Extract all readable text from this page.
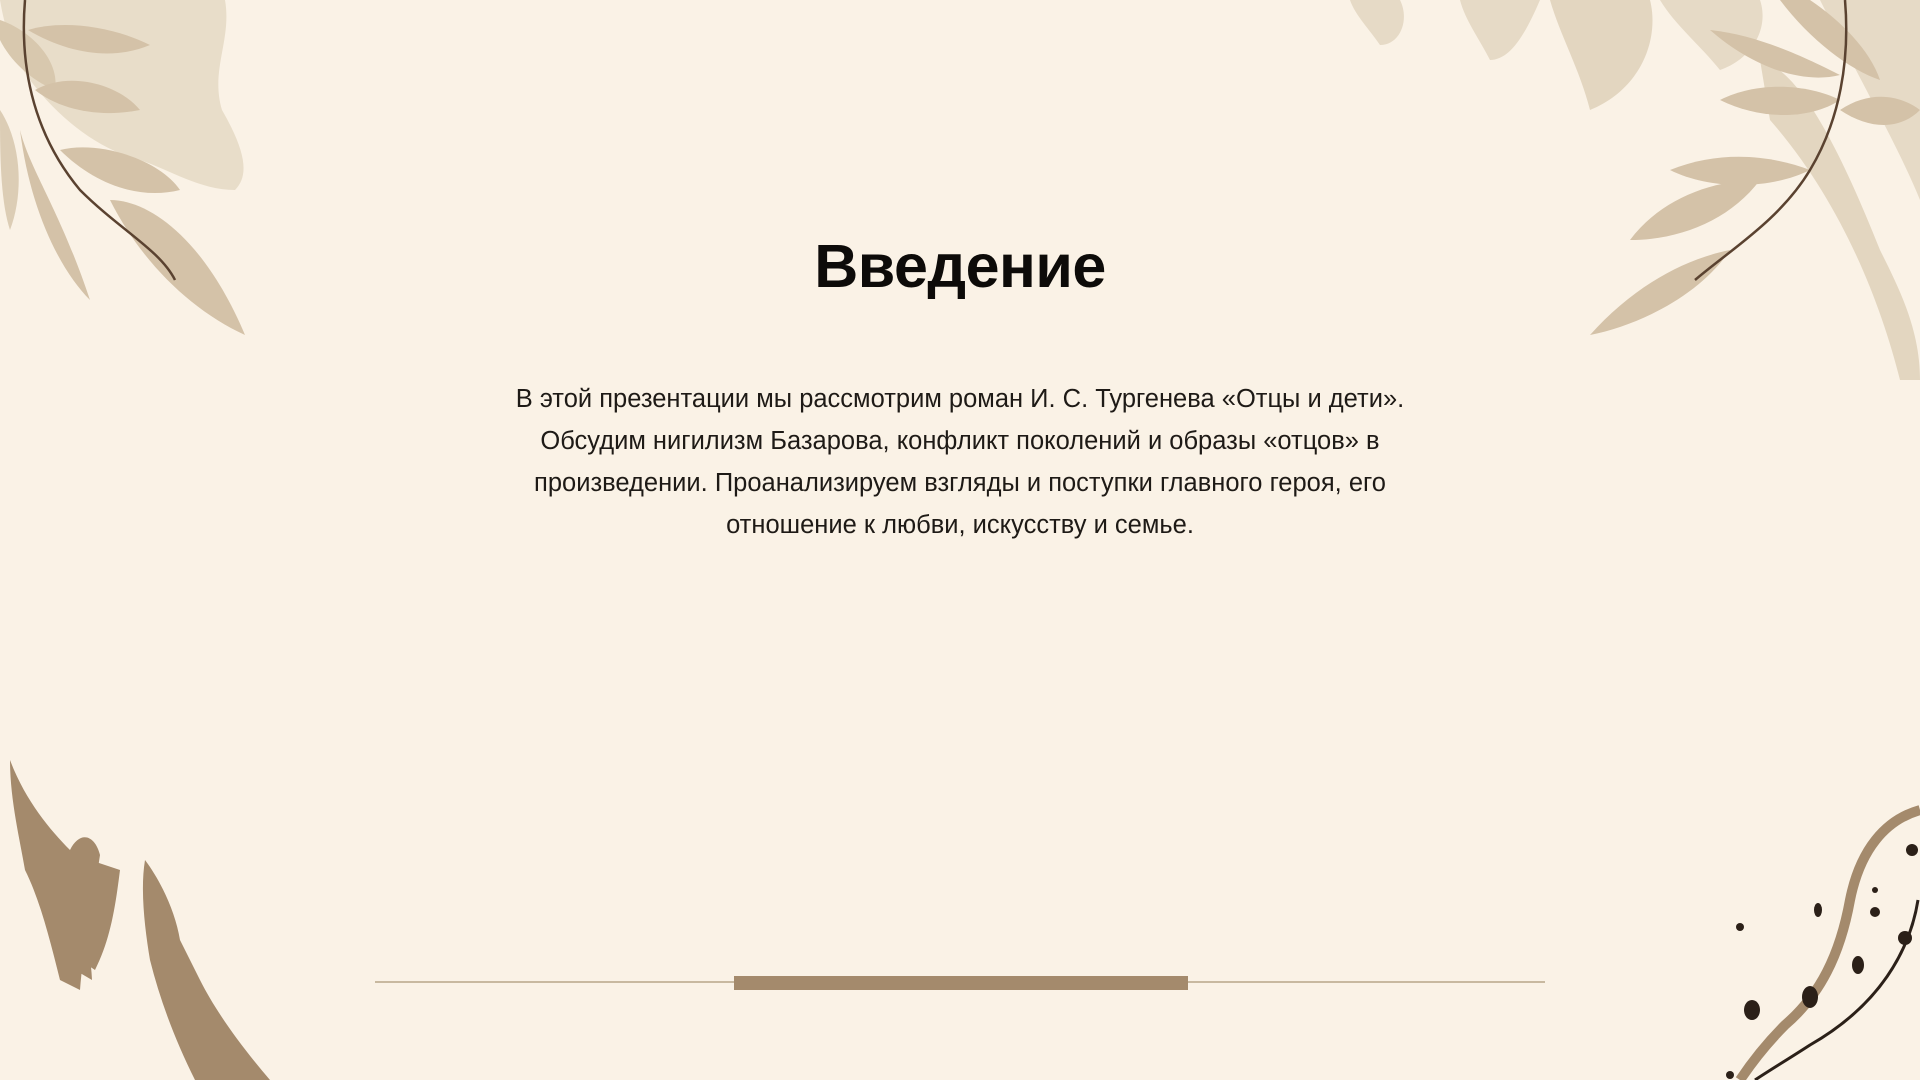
Введение
В этой презентации мы рассмотрим роман И. С. Тургенева «Отцы и дети». Обсудим нигилизм Базарова, конфликт поколений и образы «отцов» в произведении. Проанализируем взгляды и поступки главного героя, его отношение к любви, искусству и семье.
